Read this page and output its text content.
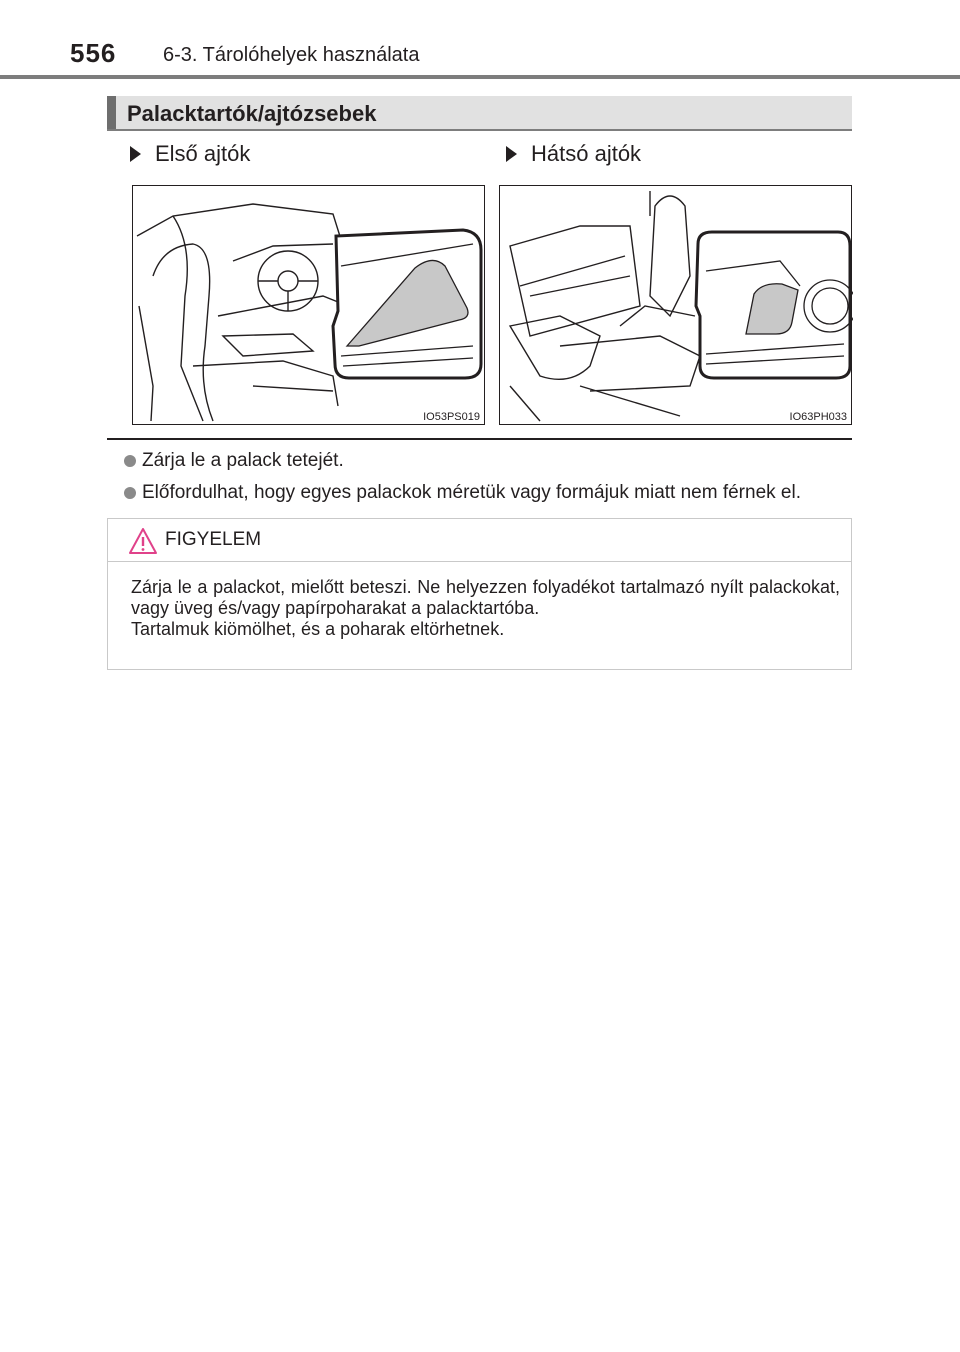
556 6-3. Tárolóhelyek használata
Palacktartók/ajtózsebek
Első ajtók	Hátsó ajtók
IO53PS019	IO63PH033
Zárja le a palack tetejét.
Előfordulhat, hogy egyes palackok méretük vagy formájuk miatt nem férnek el.
FIGYELEM

Zárja le a palackot, mielőtt beteszi. Ne helyezzen folyadékot tartalmazó nyílt palackokat, vagy üveg és/vagy papírpoharakat a palacktartóba.

Tartalmuk kiömölhet, és a poharak eltörhetnek.
